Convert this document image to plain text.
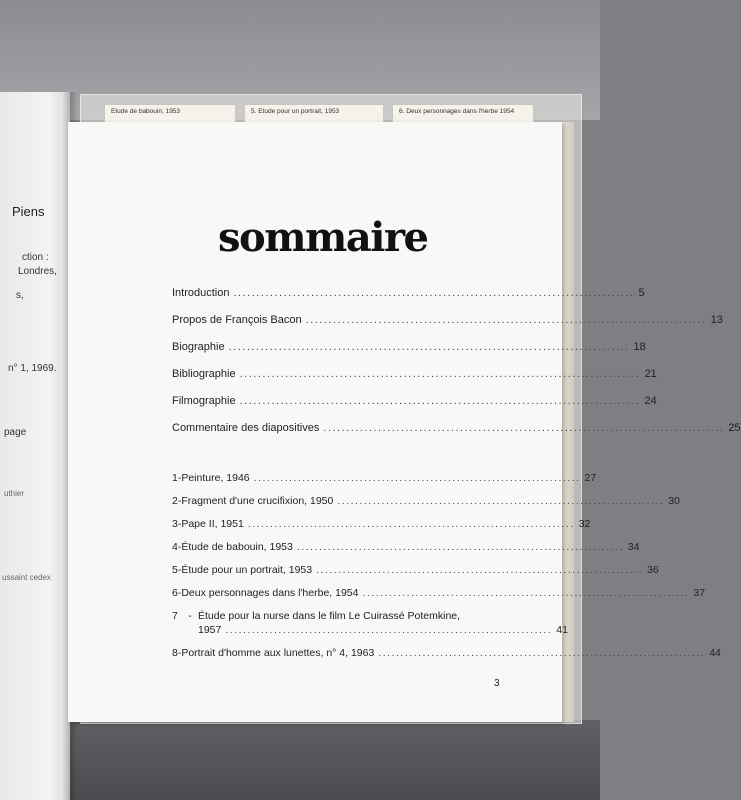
Piens
ction :
Londres,
s,
n° 1, 1969.
page
uthier
ussaint cedex
Etude de babouin, 1953	5. Etude pour un portrait, 1953	6. Deux personnages dans l'herbe 1954
sommaire
Introduction ........................................................................................ 5
Propos de François Bacon ........................................................................................ 13
Biographie ........................................................................................ 18
Bibliographie ........................................................................................ 21
Filmographie ........................................................................................ 24
Commentaire des diapositives ........................................................................................ 25
1 - Peinture, 1946 .......................................................................... 27
2 - Fragment d'une crucifixion, 1950 .......................................................................... 30
3 - Pape II, 1951 .......................................................................... 32
4 - Étude de babouin, 1953 .......................................................................... 34
5 - Étude pour un portrait, 1953 .......................................................................... 36
6 - Deux personnages dans l'herbe, 1954 .......................................................................... 37
7 - Étude pour la nurse dans le film Le Cuirassé Potemkine,
1957 .......................................................................... 41
8 - Portrait d'homme aux lunettes, n° 4, 1963 .......................................................................... 44
3
